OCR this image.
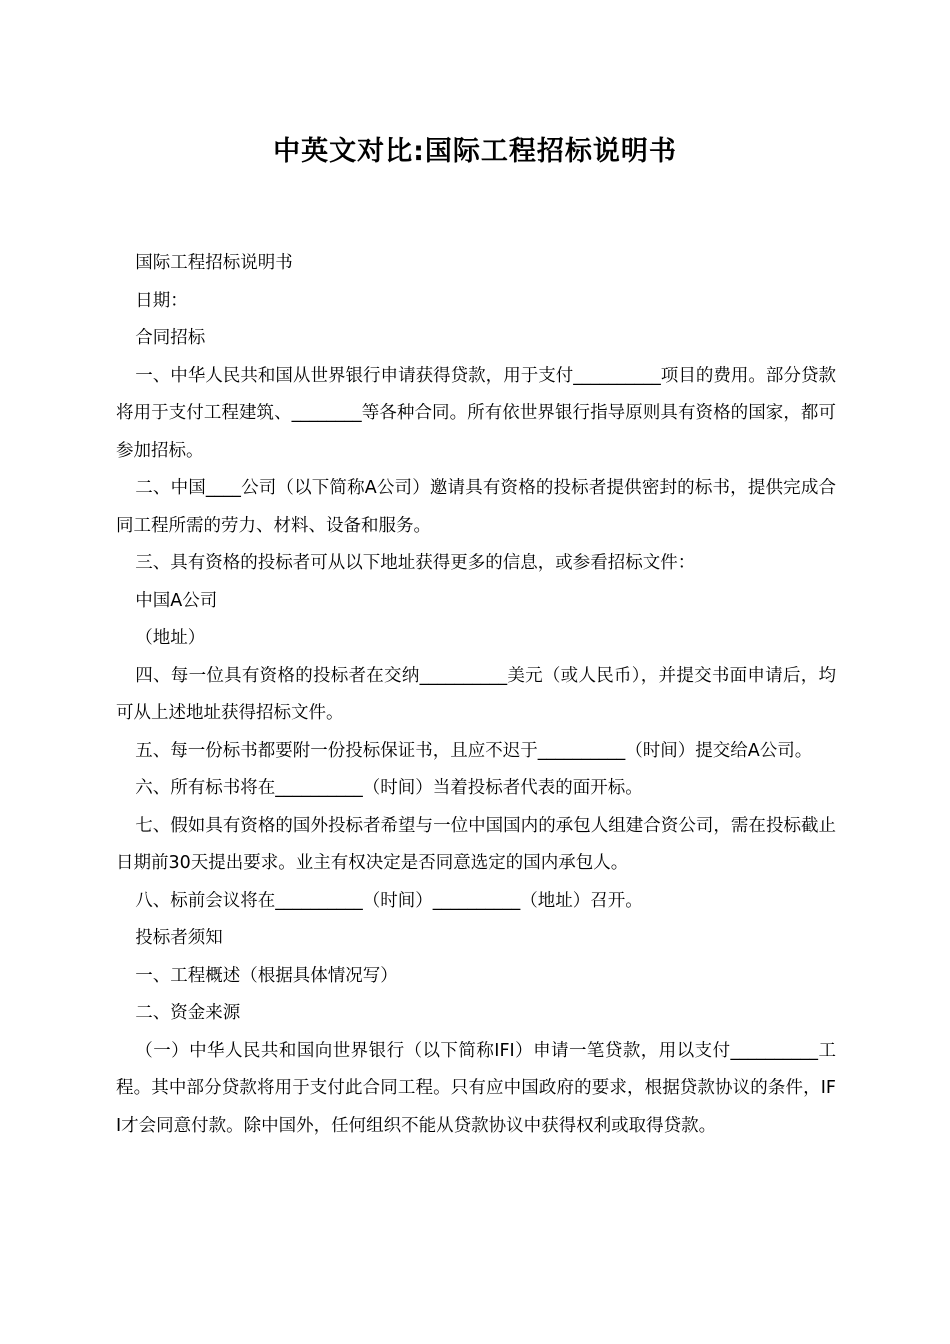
中英文对比:国际工程招标说明书

国际工程招标说明书

日期：

合同招标

一、中华人民共和国从世界银行申请获得贷款，用于支付__________项目的费用。部分贷款将用于支付工程建筑、________等各种合同。所有依世界银行指导原则具有资格的国家，都可参加招标。

二、中国____公司（以下简称A公司）邀请具有资格的投标者提供密封的标书，提供完成合同工程所需的劳力、材料、设备和服务。

三、具有资格的投标者可从以下地址获得更多的信息，或参看招标文件：

中国A公司

（地址）

四、每一位具有资格的投标者在交纳__________美元（或人民币），并提交书面申请后，均可从上述地址获得招标文件。

五、每一份标书都要附一份投标保证书，且应不迟于__________（时间）提交给A公司。

六、所有标书将在__________（时间）当着投标者代表的面开标。

七、假如具有资格的国外投标者希望与一位中国国内的承包人组建合资公司，需在投标截止日期前30天提出要求。业主有权决定是否同意选定的国内承包人。

八、标前会议将在__________（时间）__________（地址）召开。

投标者须知

一、工程概述（根据具体情况写）

二、资金来源

（一）中华人民共和国向世界银行（以下简称IFI）申请一笔贷款，用以支付__________工程。其中部分贷款将用于支付此合同工程。只有应中国政府的要求，根据贷款协议的条件，IFI才会同意付款。除中国外，任何组织不能从贷款协议中获得权利或取得贷款。
